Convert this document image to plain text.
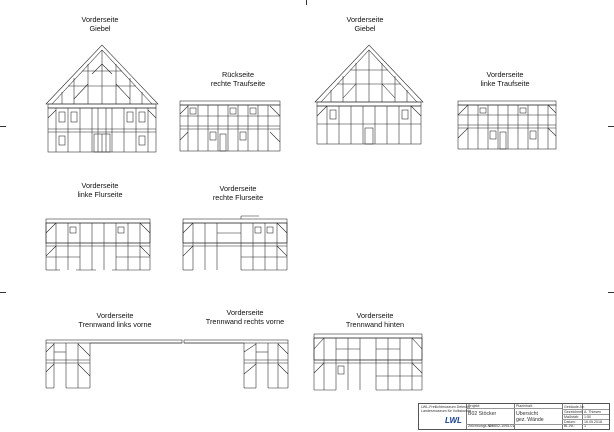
Vorderseite
Giebel
Rückseite
rechte Traufseite
Vorderseite
Giebel
Vorderseite
linke Traufseite
Vorderseite
linke Flurseite
Vorderseite
rechte Flurseite
Vorderseite
Trennwand links vorne
Vorderseite
Trennwand rechts vorne
Vorderseite
Trennwand hinten
LWL-Freilichtmuseum Detmold
Landesmuseum für Volkskunde
LWL
Projekt:
B02 Stöcker
Zeichnungs-Nr.:
DB802-1095-01
Planinhalt:
Übersicht
gez. Wände
Gebäude-Nr.
Gezeichnet: A. Thiesen
Maßstab: 1:50
Datum: 16.05.2018
Bl.-Nr.:	1
